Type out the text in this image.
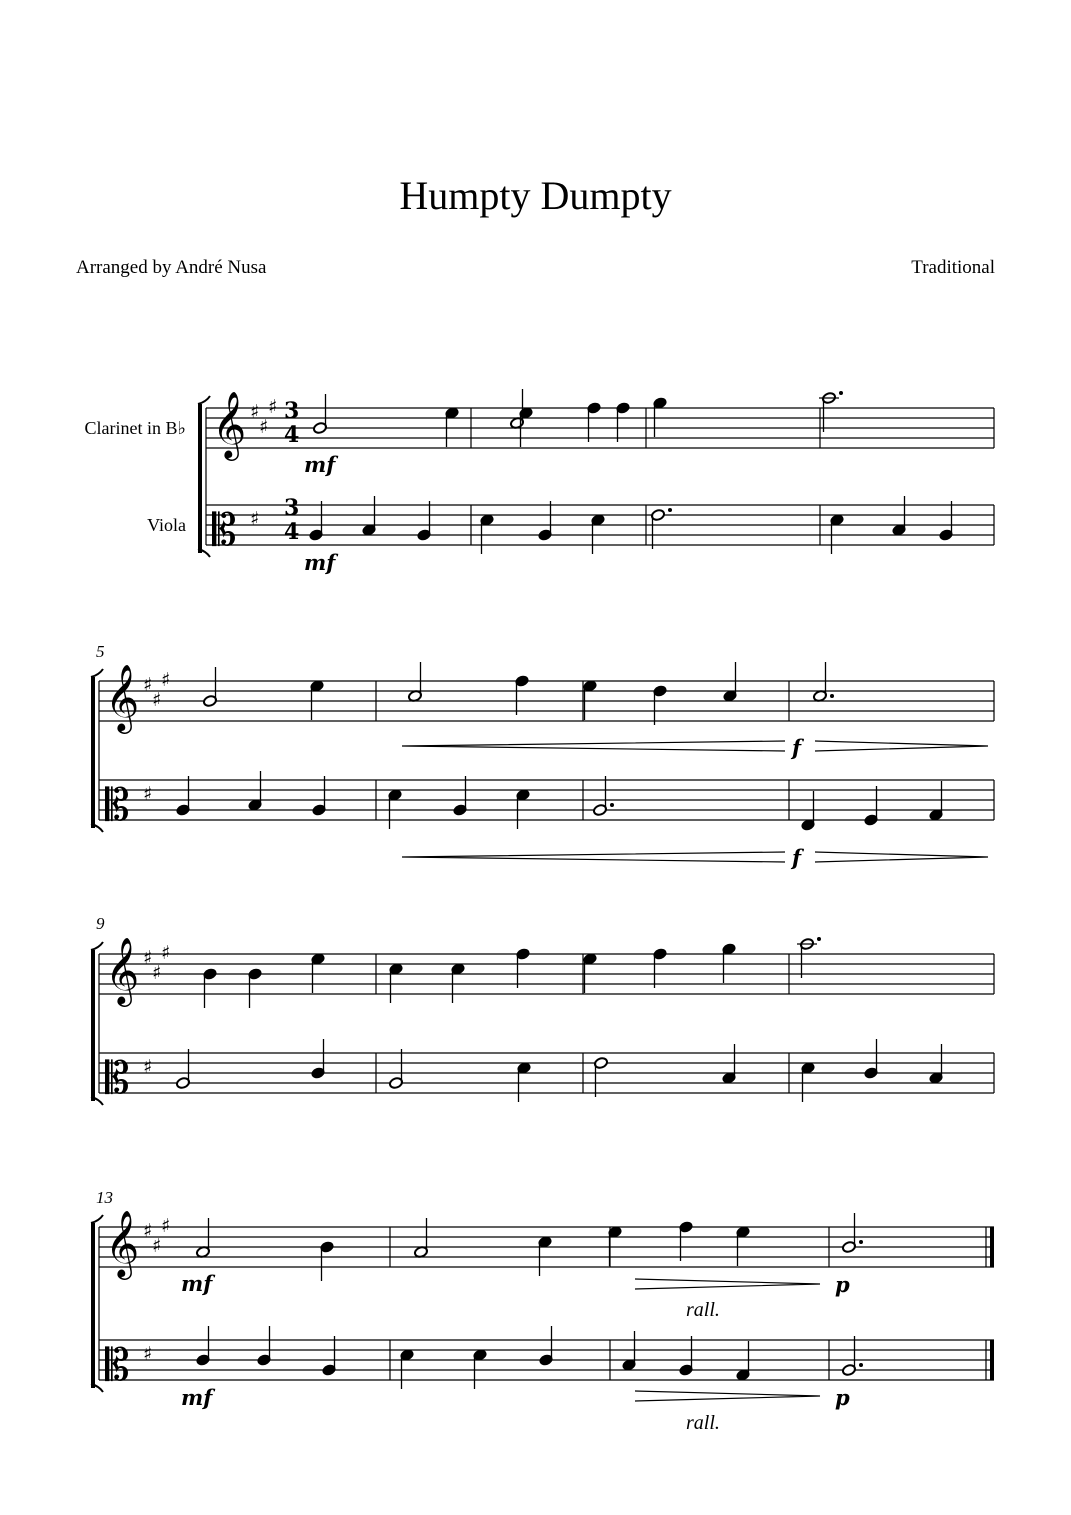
Humpty Dumpty
Arranged by André Nusa	Traditional
Clarinet in B♭
Viola
5
9
13
3
4
3
4
mf
mf
f
f
mf
mf
p
p
rall.
rall.
𝄞
𝄡
♯
♯
♯
♯
𝄞
𝄡
♯
♯
♯
♯
𝄞
𝄡
♯
♯
♯
♯
𝄞
𝄡
♯
♯
♯
♯
